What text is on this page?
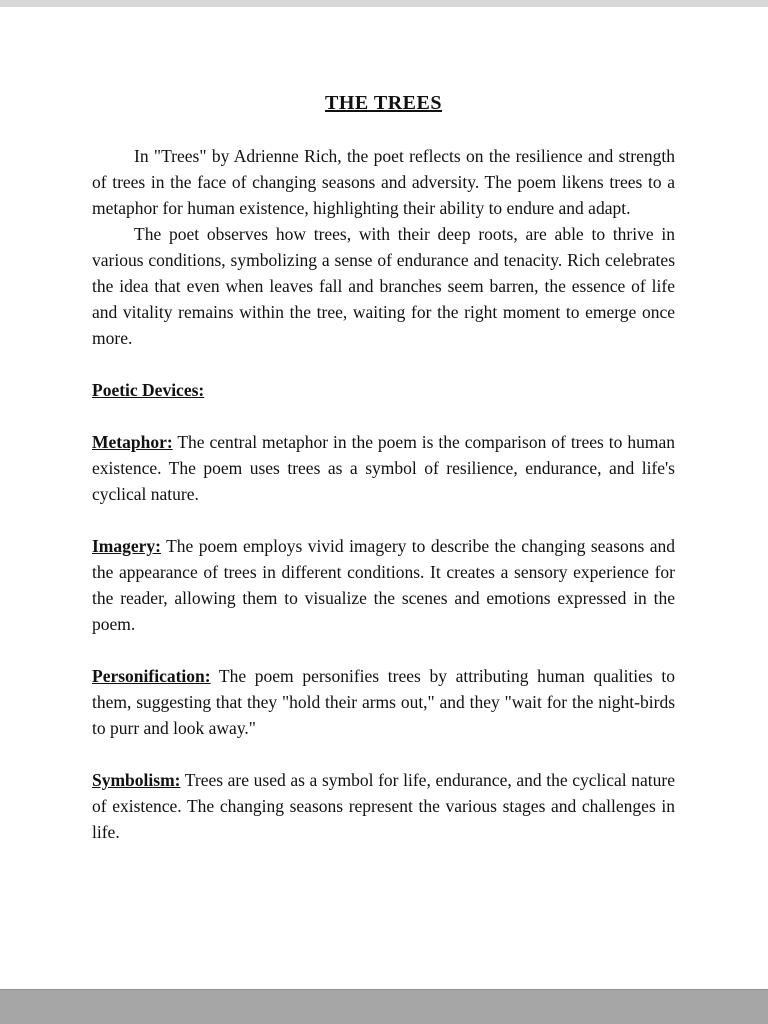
THE TREES

In "Trees" by Adrienne Rich, the poet reflects on the resilience and strength of trees in the face of changing seasons and adversity. The poem likens trees to a metaphor for human existence, highlighting their ability to endure and adapt.

The poet observes how trees, with their deep roots, are able to thrive in various conditions, symbolizing a sense of endurance and tenacity. Rich celebrates the idea that even when leaves fall and branches seem barren, the essence of life and vitality remains within the tree, waiting for the right moment to emerge once more.

Poetic Devices:

Metaphor: The central metaphor in the poem is the comparison of trees to human existence. The poem uses trees as a symbol of resilience, endurance, and life's cyclical nature.

Imagery: The poem employs vivid imagery to describe the changing seasons and the appearance of trees in different conditions. It creates a sensory experience for the reader, allowing them to visualize the scenes and emotions expressed in the poem.

Personification: The poem personifies trees by attributing human qualities to them, suggesting that they "hold their arms out," and they "wait for the night-birds to purr and look away."

Symbolism: Trees are used as a symbol for life, endurance, and the cyclical nature of existence. The changing seasons represent the various stages and challenges in life.
